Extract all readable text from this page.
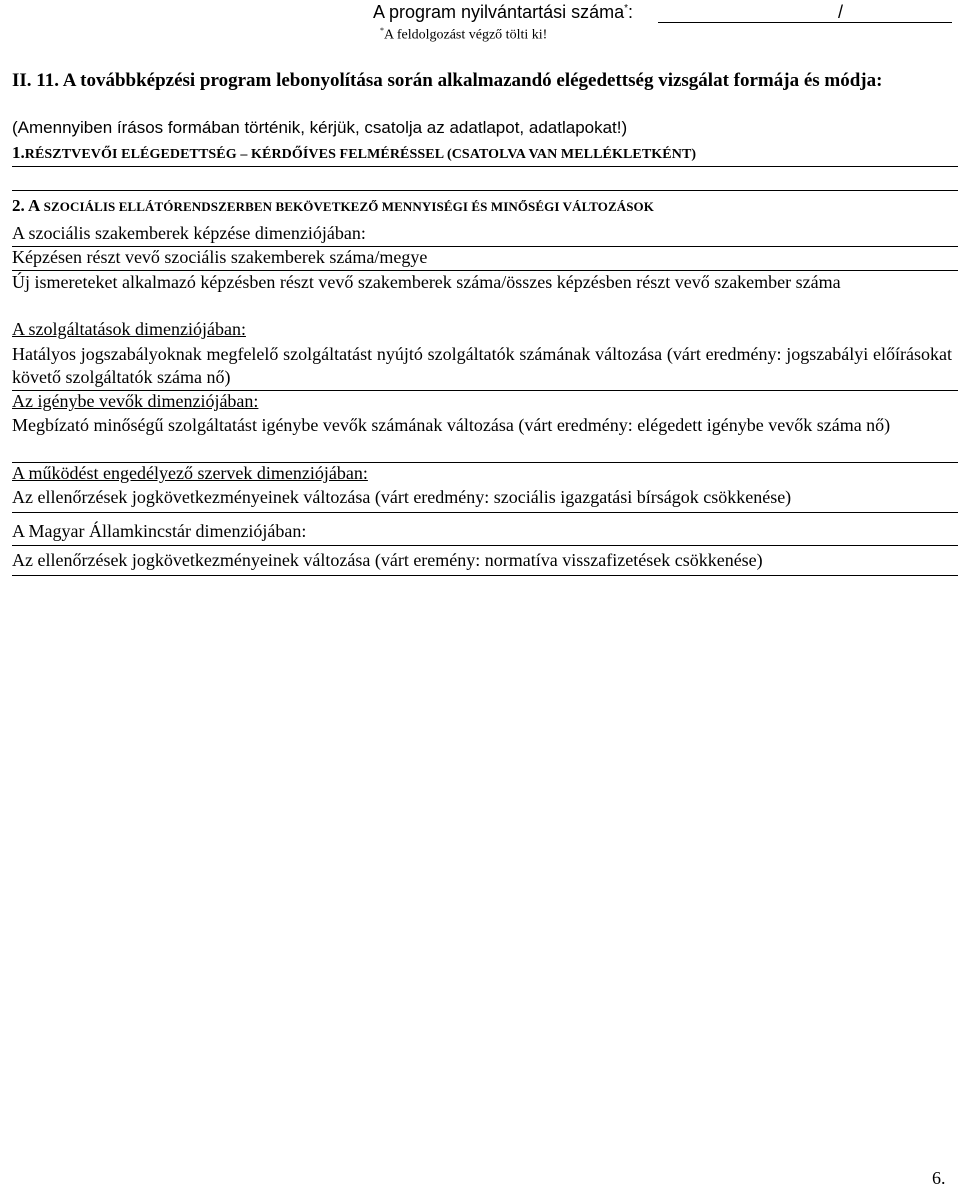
A program nyilvántartási száma*:	/
*A feldolgozást végző tölti ki!
II. 11. A továbbképzési program lebonyolítása során alkalmazandó elégedettség vizsgálat formája és módja:
(Amennyiben írásos formában történik, kérjük, csatolja az adatlapot, adatlapokat!)
1.RÉSZTVEVŐI ELÉGEDETTSÉG – KÉRDŐÍVES FELMÉRÉSSEL (CSATOLVA VAN MELLÉKLETKÉNT)
2. A SZOCIÁLIS ELLÁTÓRENDSZERBEN BEKÖVETKEZŐ MENNYISÉGI ÉS MINŐSÉGI VÁLTOZÁSOK
A szociális szakemberek képzése dimenziójában:
Képzésen részt vevő szociális szakemberek száma/megye
Új ismereteket alkalmazó képzésben részt vevő szakemberek száma/összes képzésben részt vevő szakember száma
A szolgáltatások dimenziójában:
Hatályos jogszabályoknak megfelelő szolgáltatást nyújtó szolgáltatók számának változása (várt eredmény: jogszabályi előírásokat követő szolgáltatók száma nő)
Az igénybe vevők dimenziójában:
Megbízató minőségű szolgáltatást igénybe vevők számának változása (várt eredmény: elégedett igénybe vevők száma nő)
A működést engedélyező szervek dimenziójában:
Az ellenőrzések jogkövetkezményeinek változása (várt eredmény: szociális igazgatási bírságok csökkenése)
A Magyar Államkincstár dimenziójában:
Az ellenőrzések jogkövetkezményeinek változása (várt eremény: normatíva visszafizetések csökkenése)
6.
